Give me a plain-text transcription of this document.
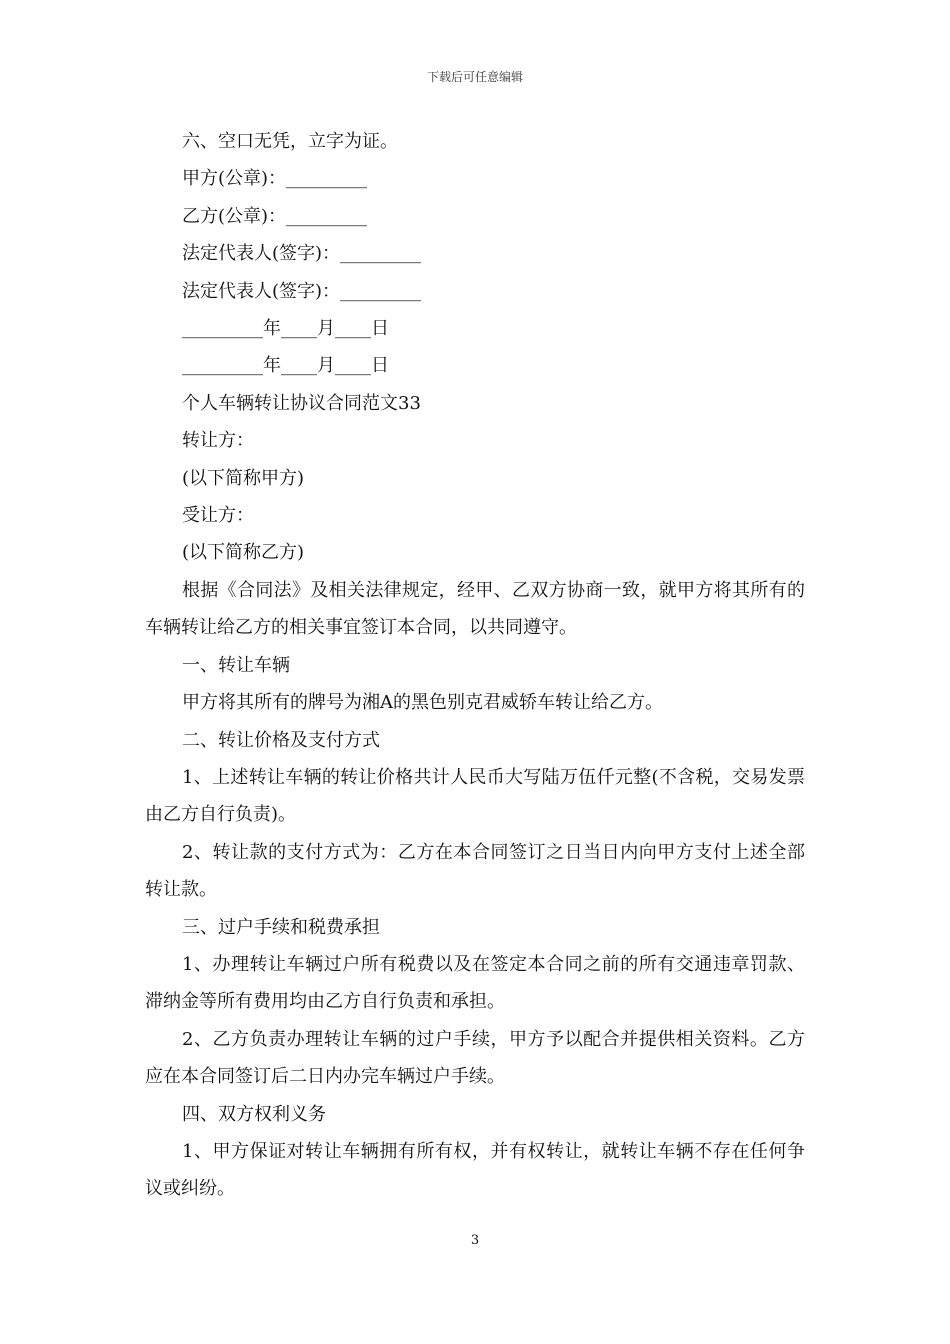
下载后可任意编辑

六、空口无凭，立字为证。

甲方(公章)：_________

乙方(公章)：_________

法定代表人(签字)：_________

法定代表人(签字)：_________

_________年____月____日

_________年____月____日

个人车辆转让协议合同范文33

转让方：

(以下简称甲方)

受让方：

(以下简称乙方)

根据《合同法》及相关法律规定，经甲、乙双方协商一致，就甲方将其所有的车辆转让给乙方的相关事宜签订本合同，以共同遵守。

一、转让车辆

甲方将其所有的牌号为湘A的黑色别克君威轿车转让给乙方。

二、转让价格及支付方式

1、上述转让车辆的转让价格共计人民币大写陆万伍仟元整(不含税，交易发票由乙方自行负责)。

2、转让款的支付方式为：乙方在本合同签订之日当日内向甲方支付上述全部转让款。

三、过户手续和税费承担

1、办理转让车辆过户所有税费以及在签定本合同之前的所有交通违章罚款、滞纳金等所有费用均由乙方自行负责和承担。

2、乙方负责办理转让车辆的过户手续，甲方予以配合并提供相关资料。乙方应在本合同签订后二日内办完车辆过户手续。

四、双方权利义务

1、甲方保证对转让车辆拥有所有权，并有权转让，就转让车辆不存在任何争议或纠纷。

3
